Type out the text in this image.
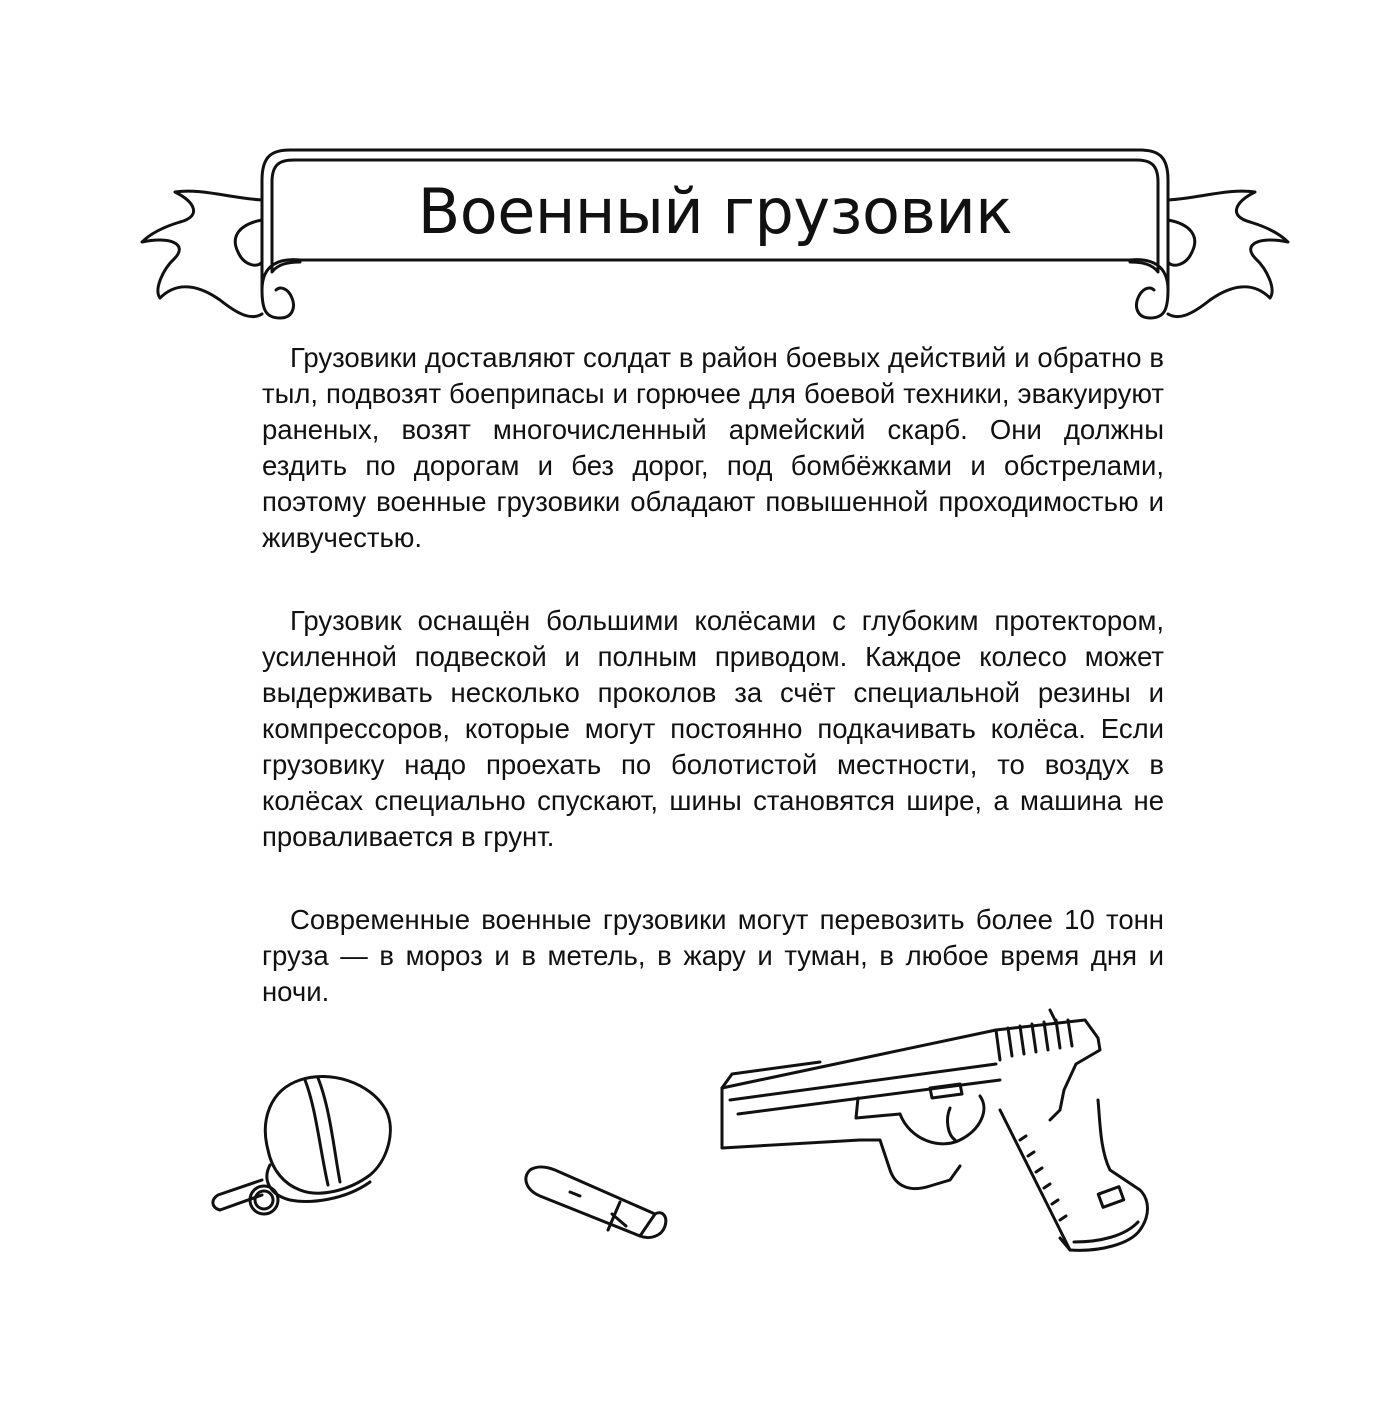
Военный грузовик

Грузовики доставляют солдат в район боевых действий и обратно в тыл, подвозят боеприпасы и горючее для боевой техники, эвакуируют раненых, возят многочисленный армейский скарб. Они должны ездить по дорогам и без дорог, под бомбёжками и обстрелами, поэтому военные грузовики обладают повышенной проходимостью и живучестью.

Грузовик оснащён большими колёсами с глубоким протектором, усиленной подвеской и полным приводом. Каждое колесо может выдерживать несколько проколов за счёт специальной резины и компрессоров, которые могут постоянно подкачивать колёса. Если грузовику надо проехать по болотистой местности, то воздух в колёсах специально спускают, шины становятся шире, а машина не проваливается в грунт.

Современные военные грузовики могут перевозить более 10 тонн груза — в мороз и в метель, в жару и туман, в любое время дня и ночи.
